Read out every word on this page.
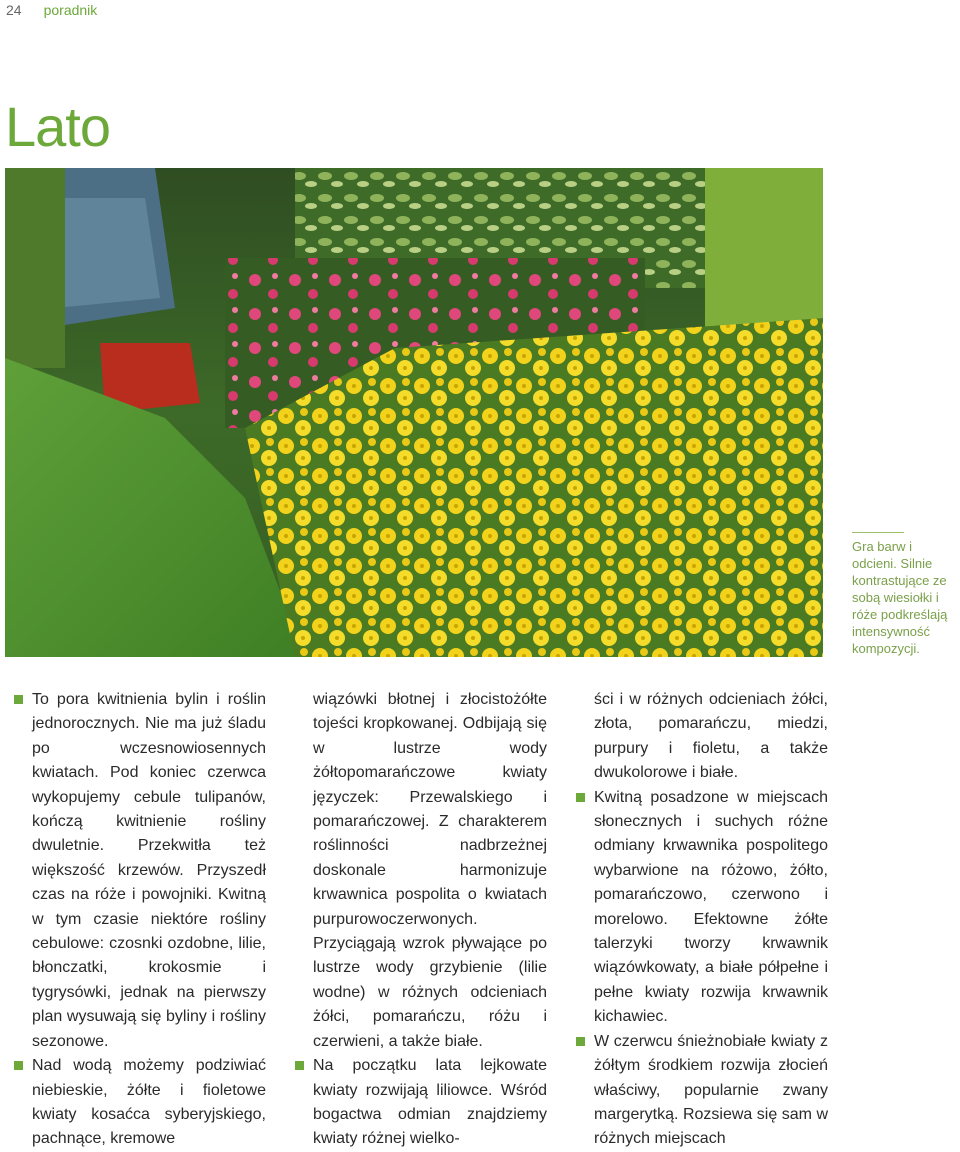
24 poradnik
Lato

Gra barw i odcieni. Silnie kontrastujące ze sobą wiesiołki i róże podkreślają intensywność kompozycji.

To pora kwitnienia bylin i roślin jednorocznych. Nie ma już śladu po wczesnowiosennych kwiatach. Pod koniec czerwca wykopujemy cebule tulipanów, kończą kwitnienie rośliny dwuletnie. Przekwitła też większość krzewów. Przyszedł czas na róże i powojniki. Kwitną w tym czasie niektóre rośliny cebulowe: czosnki ozdobne, lilie, błonczatki, krokosmie i tygrysówki, jednak na pierwszy plan wysuwają się byliny i rośliny sezonowe.

Nad wodą możemy podziwiać niebieskie, żółte i fioletowe kwiaty kosaćca syberyjskiego, pachnące, kremowe

wiązówki błotnej i złocistożółte tojeści kropkowanej. Odbijają się w lustrze wody żółtopomarańczowe kwiaty języczek: Przewalskiego i pomarańczowej. Z charakterem roślinności nadbrzeżnej doskonale harmonizuje krwawnica pospolita o kwiatach purpurowoczerwonych. Przyciągają wzrok pływające po lustrze wody grzybienie (lilie wodne) w różnych odcieniach żółci, pomarańczu, różu i czerwieni, a także białe.

Na początku lata lejkowate kwiaty rozwijają liliowce. Wśród bogactwa odmian znajdziemy kwiaty różnej wielko-

ści i w różnych odcieniach żółci, złota, pomarańczu, miedzi, purpury i fioletu, a także dwukolorowe i białe.

Kwitną posadzone w miejscach słonecznych i suchych różne odmiany krwawnika pospolitego wybarwione na różowo, żółto, pomarańczowo, czerwono i morelowo. Efektowne żółte talerzyki tworzy krwawnik wiązówkowaty, a białe półpełne i pełne kwiaty rozwija krwawnik kichawiec.

W czerwcu śnieżnobiałe kwiaty z żółtym środkiem rozwija złocień właściwy, popularnie zwany margerytką. Rozsiewa się sam w różnych miejscach
